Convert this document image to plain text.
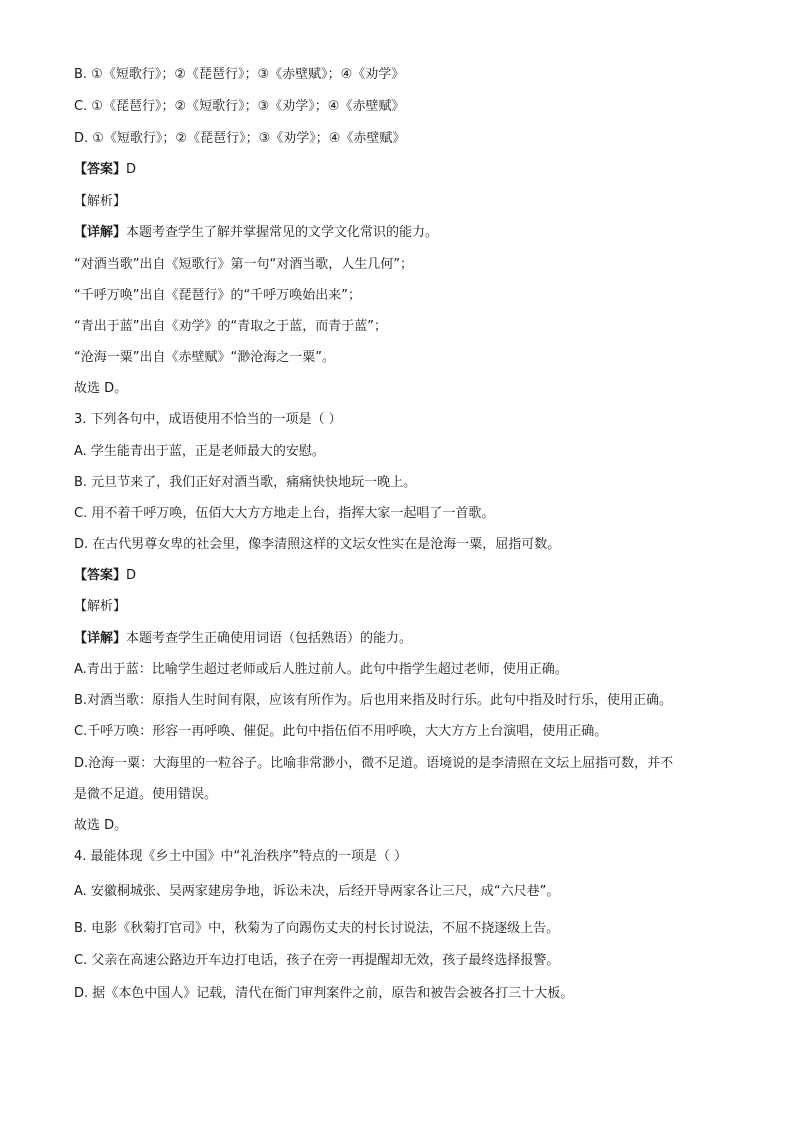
B. ①《短歌行》；②《琵琶行》；③《赤壁赋》；④《劝学》
C. ①《琵琶行》；②《短歌行》；③《劝学》；④《赤壁赋》
D. ①《短歌行》；②《琵琶行》；③《劝学》；④《赤壁赋》
【答案】D
【解析】
【详解】本题考查学生了解并掌握常见的文学文化常识的能力。
“对酒当歌”出自《短歌行》第一句“对酒当歌，人生几何”；
“千呼万唤”出自《琵琶行》的“千呼万唤始出来”；
“青出于蓝”出自《劝学》的“青取之于蓝，而青于蓝”；
“沧海一粟”出自《赤壁赋》“渺沧海之一粟”。
故选 D。
3. 下列各句中，成语使用不恰当的一项是（ ）
A. 学生能青出于蓝，正是老师最大的安慰。
B. 元旦节来了，我们正好对酒当歌，痛痛快快地玩一晚上。
C. 用不着千呼万唤，伍佰大大方方地走上台，指挥大家一起唱了一首歌。
D. 在古代男尊女卑的社会里，像李清照这样的文坛女性实在是沧海一粟，屈指可数。
【答案】D
【解析】
【详解】本题考查学生正确使用词语（包括熟语）的能力。
A.青出于蓝：比喻学生超过老师或后人胜过前人。此句中指学生超过老师，使用正确。
B.对酒当歌：原指人生时间有限，应该有所作为。后也用来指及时行乐。此句中指及时行乐，使用正确。
C.千呼万唤：形容一再呼唤、催促。此句中指伍佰不用呼唤，大大方方上台演唱，使用正确。
D.沧海一粟：大海里的一粒谷子。比喻非常渺小，微不足道。语境说的是李清照在文坛上屈指可数，并不
是微不足道。使用错误。
故选 D。
4. 最能体现《乡土中国》中“礼治秩序”特点的一项是（ ）
A. 安徽桐城张、吴两家建房争地，诉讼未决，后经开导两家各让三尺，成“六尺巷”。
B. 电影《秋菊打官司》中，秋菊为了向踢伤丈夫的村长讨说法，不屈不挠逐级上告。
C. 父亲在高速公路边开车边打电话，孩子在旁一再提醒却无效，孩子最终选择报警。
D. 据《本色中国人》记载，清代在衙门审判案件之前，原告和被告会被各打三十大板。
